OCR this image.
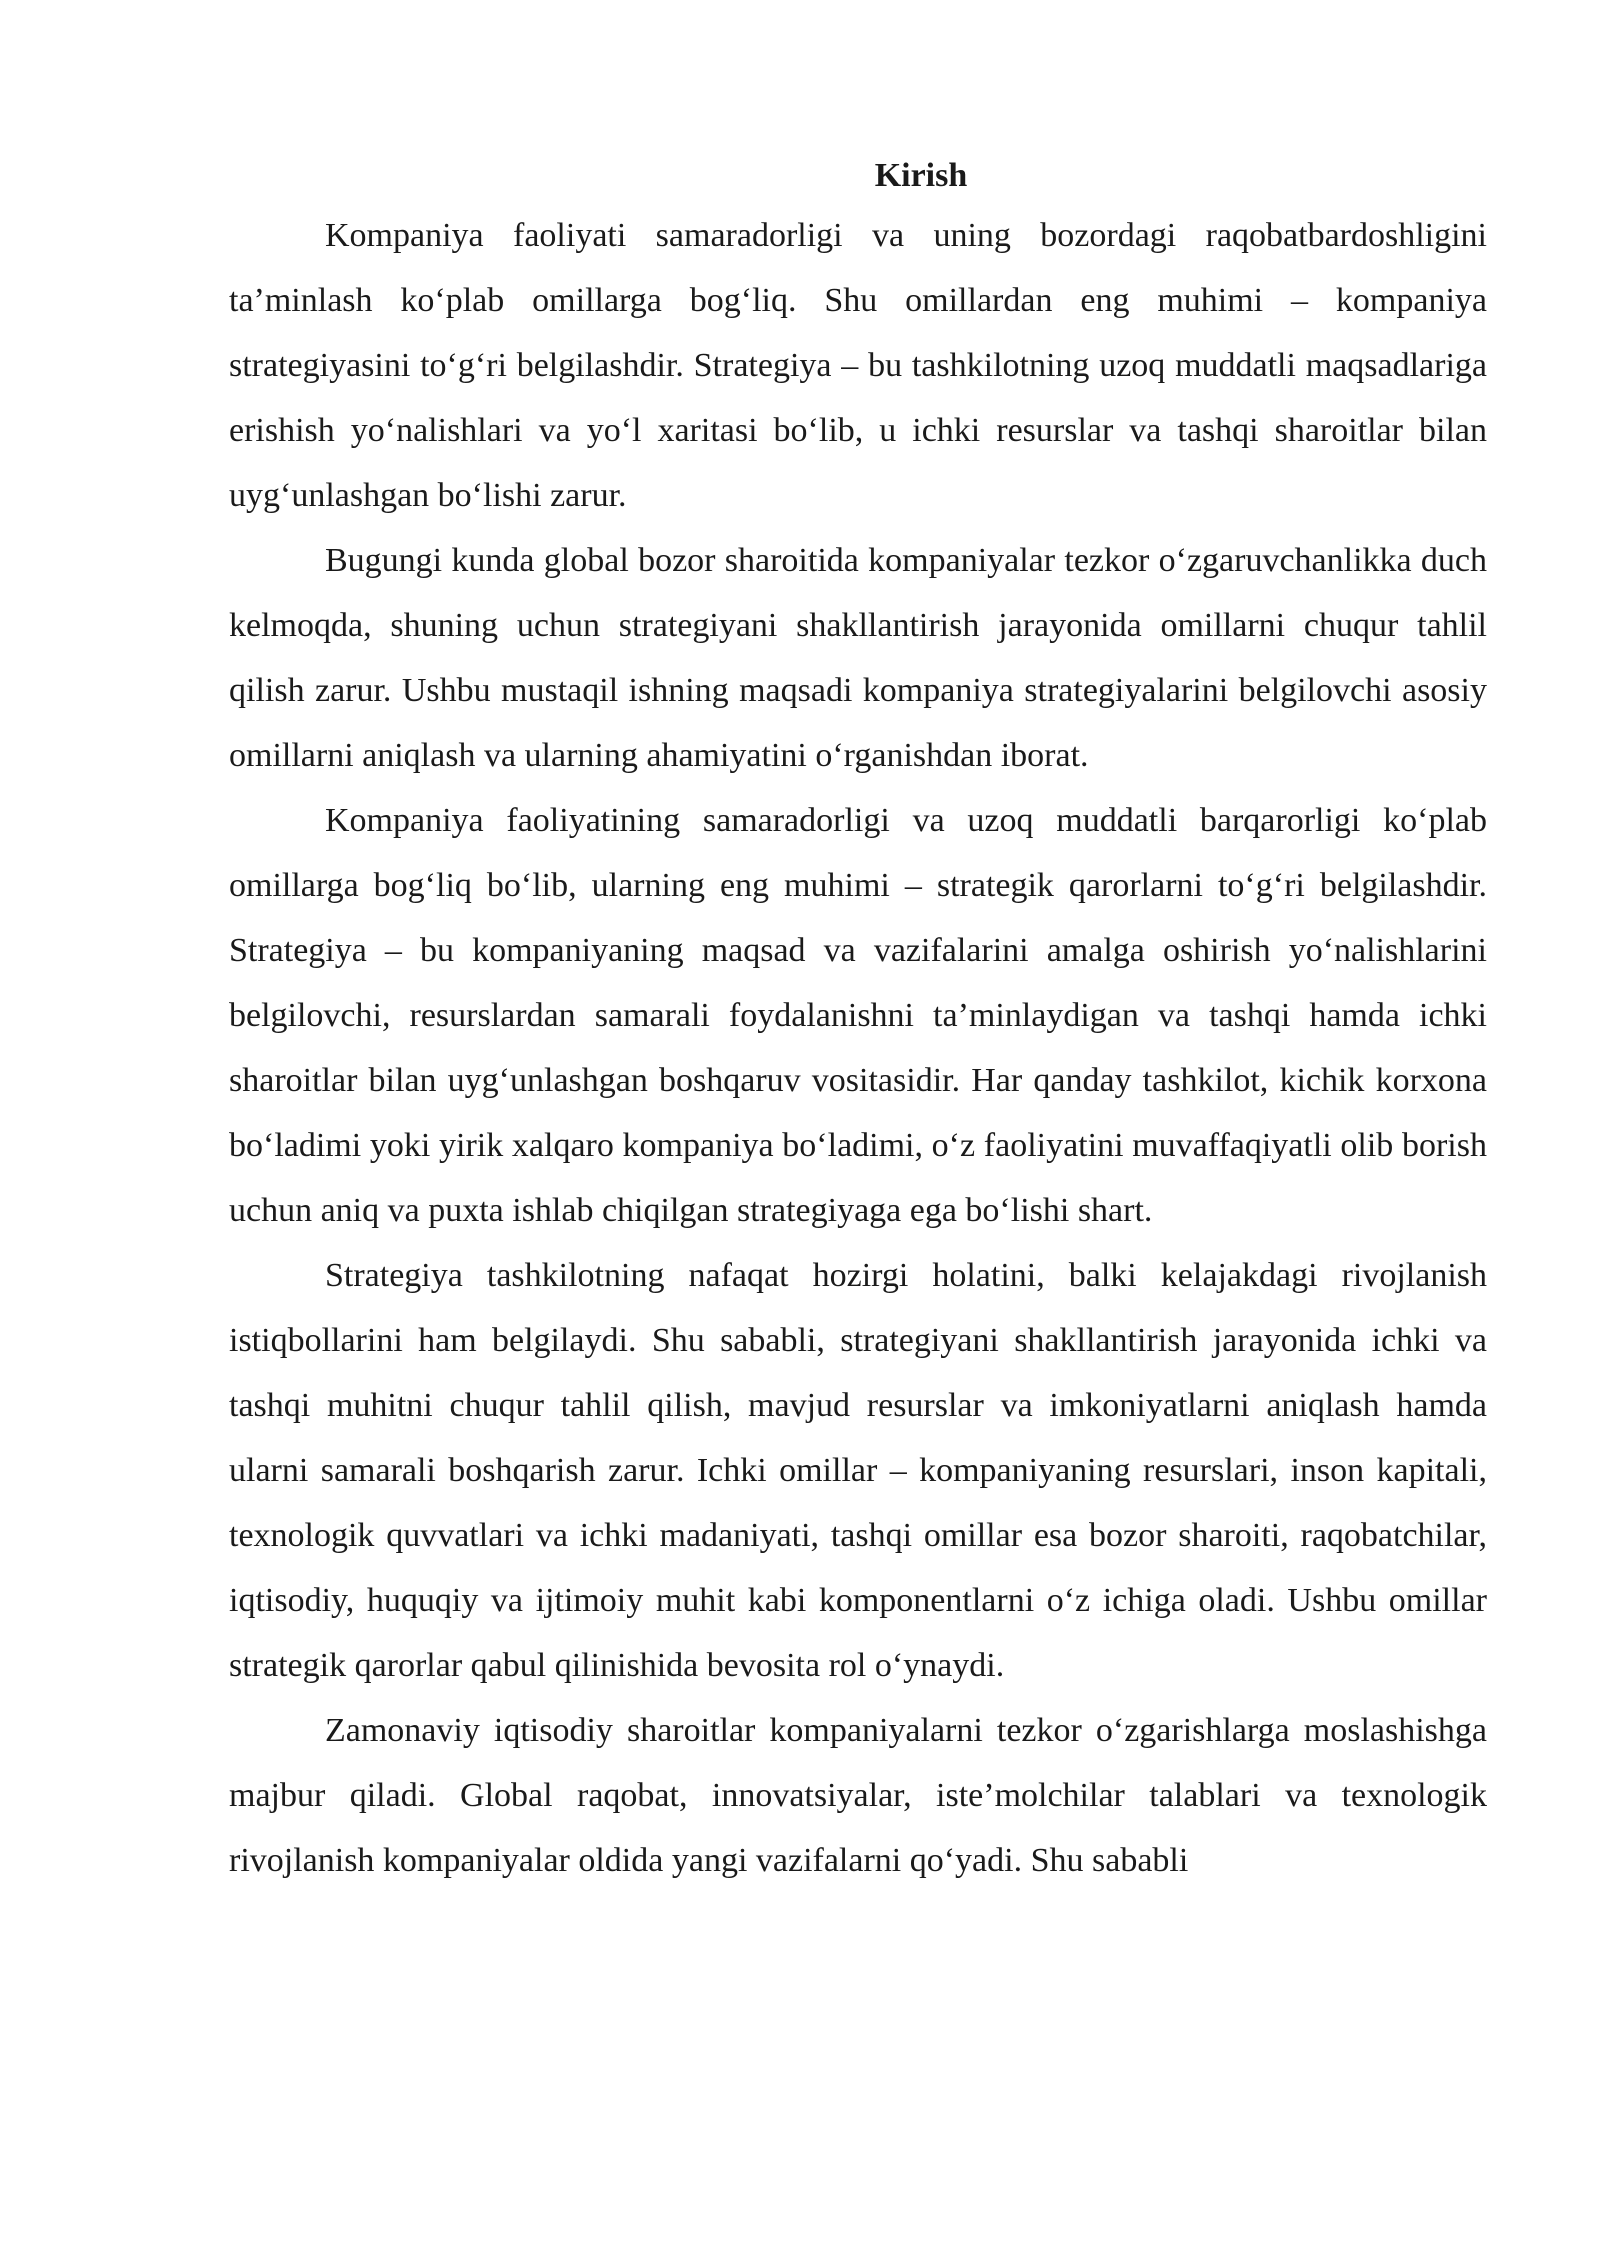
Kirish

Kompaniya faoliyati samaradorligi va uning bozordagi raqobatbardoshligini ta’minlash ko‘plab omillarga bog‘liq. Shu omillardan eng muhimi – kompaniya strategiyasini to‘g‘ri belgilashdir. Strategiya – bu tashkilotning uzoq muddatli maqsadlariga erishish yo‘nalishlari va yo‘l xaritasi bo‘lib, u ichki resurslar va tashqi sharoitlar bilan uyg‘unlashgan bo‘lishi zarur.

Bugungi kunda global bozor sharoitida kompaniyalar tezkor o‘zgaruvchanlikka duch kelmoqda, shuning uchun strategiyani shakllantirish jarayonida omillarni chuqur tahlil qilish zarur. Ushbu mustaqil ishning maqsadi kompaniya strategiyalarini belgilovchi asosiy omillarni aniqlash va ularning ahamiyatini o‘rganishdan iborat.

Kompaniya faoliyatining samaradorligi va uzoq muddatli barqarorligi ko‘plab omillarga bog‘liq bo‘lib, ularning eng muhimi – strategik qarorlarni to‘g‘ri belgilashdir. Strategiya – bu kompaniyaning maqsad va vazifalarini amalga oshirish yo‘nalishlarini belgilovchi, resurslardan samarali foydalanishni ta’minlaydigan va tashqi hamda ichki sharoitlar bilan uyg‘unlashgan boshqaruv vositasidir. Har qanday tashkilot, kichik korxona bo‘ladimi yoki yirik xalqaro kompaniya bo‘ladimi, o‘z faoliyatini muvaffaqiyatli olib borish uchun aniq va puxta ishlab chiqilgan strategiyaga ega bo‘lishi shart.

Strategiya tashkilotning nafaqat hozirgi holatini, balki kelajakdagi rivojlanish istiqbollarini ham belgilaydi. Shu sababli, strategiyani shakllantirish jarayonida ichki va tashqi muhitni chuqur tahlil qilish, mavjud resurslar va imkoniyatlarni aniqlash hamda ularni samarali boshqarish zarur. Ichki omillar – kompaniyaning resurslari, inson kapitali, texnologik quvvatlari va ichki madaniyati, tashqi omillar esa bozor sharoiti, raqobatchilar, iqtisodiy, huquqiy va ijtimoiy muhit kabi komponentlarni o‘z ichiga oladi. Ushbu omillar strategik qarorlar qabul qilinishida bevosita rol o‘ynaydi.

Zamonaviy iqtisodiy sharoitlar kompaniyalarni tezkor o‘zgarishlarga moslashishga majbur qiladi. Global raqobat, innovatsiyalar, iste’molchilar talablari va texnologik rivojlanish kompaniyalar oldida yangi vazifalarni qo‘yadi. Shu sababli
